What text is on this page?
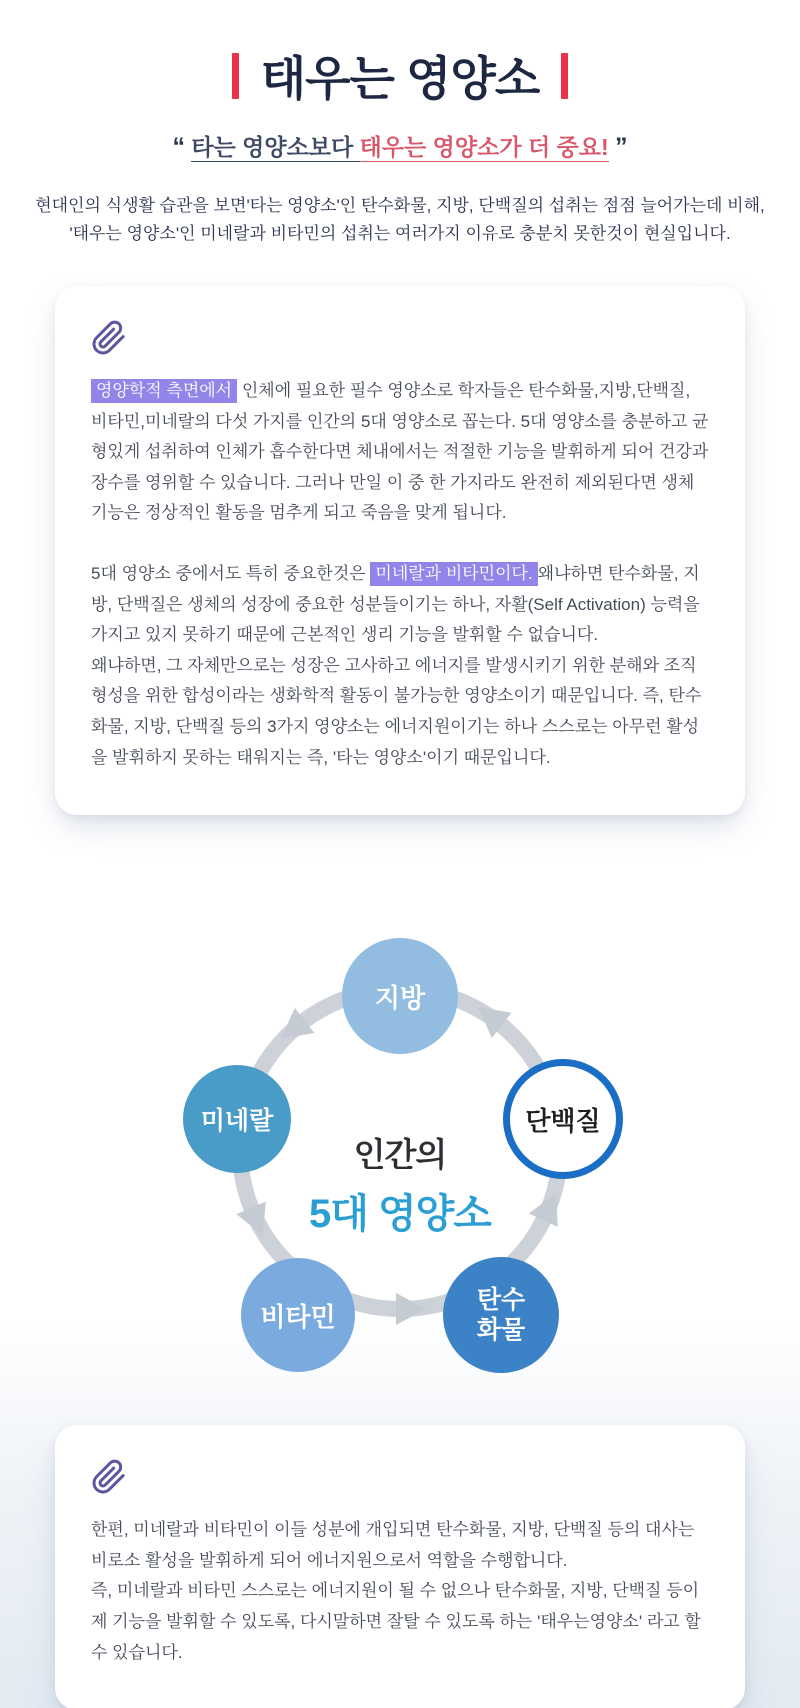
태우는 영양소
“ 타는 영양소보다 태우는 영양소가 더 중요! ”
현대인의 식생활 습관을 보면'타는 영양소'인 탄수화물, 지방, 단백질의 섭취는 점점 늘어가는데 비해,
'태우는 영양소'인 미네랄과 비타민의 섭취는 여러가지 이유로 충분치 못한것이 현실입니다.

영양학적 측면에서 인체에 필요한 필수 영양소로 학자들은 탄수화물,지방,단백질, 비타민,미네랄의 다섯 가지를 인간의 5대 영양소로 꼽는다. 5대 영양소를 충분하고 균형있게 섭취하여 인체가 흡수한다면 체내에서는 적절한 기능을 발휘하게 되어 건강과 장수를 영위할 수 있습니다. 그러나 만일 이 중 한 가지라도 완전히 제외된다면 생체 기능은 정상적인 활동을 멈추게 되고 죽음을 맞게 됩니다.

5대 영양소 중에서도 특히 중요한것은 미네랄과 비타민이다. 왜냐하면 탄수화물, 지방, 단백질은 생체의 성장에 중요한 성분들이기는 하나, 자활(Self Activation) 능력을 가지고 있지 못하기 때문에 근본적인 생리 기능을 발휘할 수 없습니다.
왜냐하면, 그 자체만으로는 성장은 고사하고 에너지를 발생시키기 위한 분해와 조직형성을 위한 합성이라는 생화학적 활동이 불가능한 영양소이기 때문입니다. 즉, 탄수화물, 지방, 단백질 등의 3가지 영양소는 에너지원이기는 하나 스스로는 아무런 활성을 발휘하지 못하는 태워지는 즉, '타는 영양소'이기 때문입니다.

지방
단백질
미네랄
비타민
탄수
화물
인간의
5대 영양소

한편, 미네랄과 비타민이 이들 성분에 개입되면 탄수화물, 지방, 단백질 등의 대사는 비로소 활성을 발휘하게 되어 에너지원으로서 역할을 수행합니다.
즉, 미네랄과 비타민 스스로는 에너지원이 될 수 없으나 탄수화물, 지방, 단백질 등이 제 기능을 발휘할 수 있도록, 다시말하면 잘탈 수 있도록 하는 '태우는영양소' 라고 할 수 있습니다.
